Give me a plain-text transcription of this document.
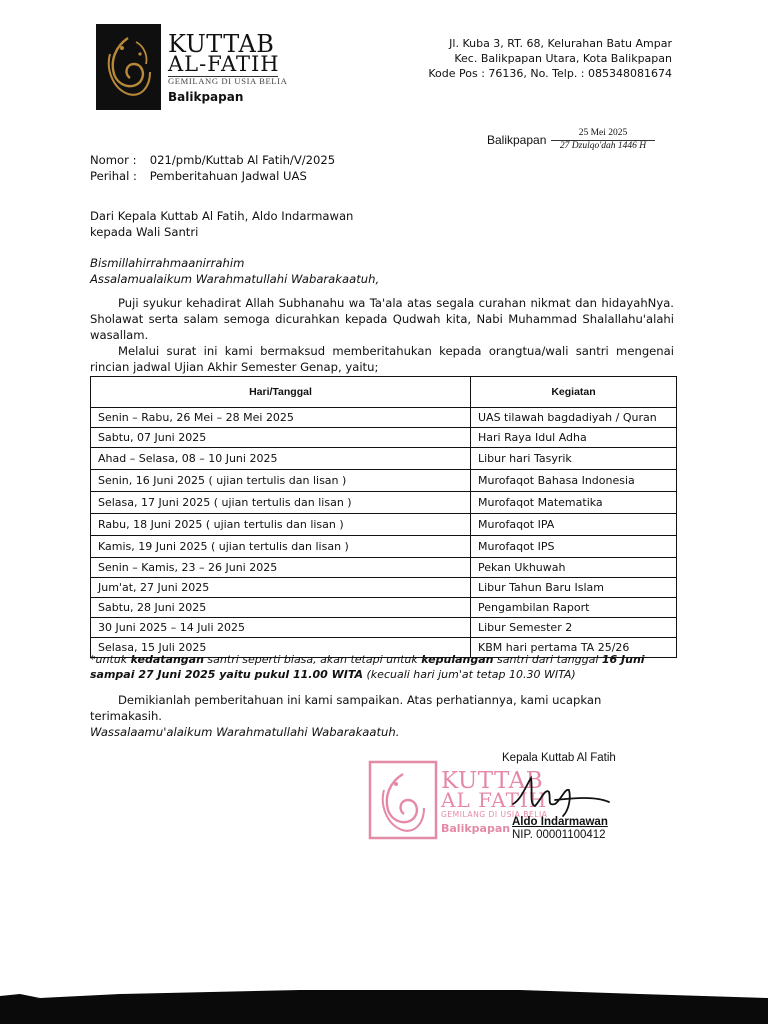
KUTTAB
AL-FATIH
GEMILANG DI USIA BELIA
Balikpapan
Jl. Kuba 3, RT. 68, Kelurahan Batu Ampar
Kec. Balikpapan Utara, Kota Balikpapan
Kode Pos : 76136, No. Telp. : 085348081674
Balikpapan	25 Mei 2025
27 Dzulqo'dah 1446 H
Nomor : 021/pmb/Kuttab Al Fatih/V/2025
Perihal : Pemberitahuan Jadwal UAS
Dari Kepala Kuttab Al Fatih, Aldo Indarmawan
kepada Wali Santri
Bismillahirrahmaanirrahim
Assalamualaikum Warahmatullahi Wabarakaatuh,
Puji syukur kehadirat Allah Subhanahu wa Ta'ala atas segala curahan nikmat dan hidayahNya. Sholawat serta salam semoga dicurahkan kepada Qudwah kita, Nabi Muhammad Shalallahu'alahi wasallam.
Melalui surat ini kami bermaksud memberitahukan kepada orangtua/wali santri mengenai rincian jadwal Ujian Akhir Semester Genap, yaitu;
Hari/Tanggal	Kegiatan
Senin – Rabu, 26 Mei – 28 Mei 2025	UAS tilawah bagdadiyah / Quran
Sabtu, 07 Juni 2025	Hari Raya Idul Adha
Ahad – Selasa, 08 – 10 Juni 2025	Libur hari Tasyrik
Senin, 16 Juni 2025 ( ujian tertulis dan lisan )	Murofaqot Bahasa Indonesia
Selasa, 17 Juni 2025 ( ujian tertulis dan lisan )	Murofaqot Matematika
Rabu, 18 Juni 2025 ( ujian tertulis dan lisan )	Murofaqot IPA
Kamis, 19 Juni 2025 ( ujian tertulis dan lisan )	Murofaqot IPS
Senin – Kamis, 23 – 26 Juni 2025	Pekan Ukhuwah
Jum'at, 27 Juni 2025	Libur Tahun Baru Islam
Sabtu, 28 Juni 2025	Pengambilan Raport
30 Juni 2025 – 14 Juli 2025	Libur Semester 2
Selasa, 15 Juli 2025	KBM hari pertama TA 25/26
*untuk kedatangan santri seperti biasa, akan tetapi untuk kepulangan santri dari tanggal 16 Juni sampai 27 Juni 2025 yaitu pukul 11.00 WITA (kecuali hari jum'at tetap 10.30 WITA)
Demikianlah pemberitahuan ini kami sampaikan. Atas perhatiannya, kami ucapkan terimakasih.
Wassalaamu'alaikum Warahmatullahi Wabarakaatuh.
Kepala Kuttab Al Fatih
KUTTAB
AL FATIH
GEMILANG DI USIA BELIA
Balikpapan Aldo Indarmawan
NIP. 00001100412
